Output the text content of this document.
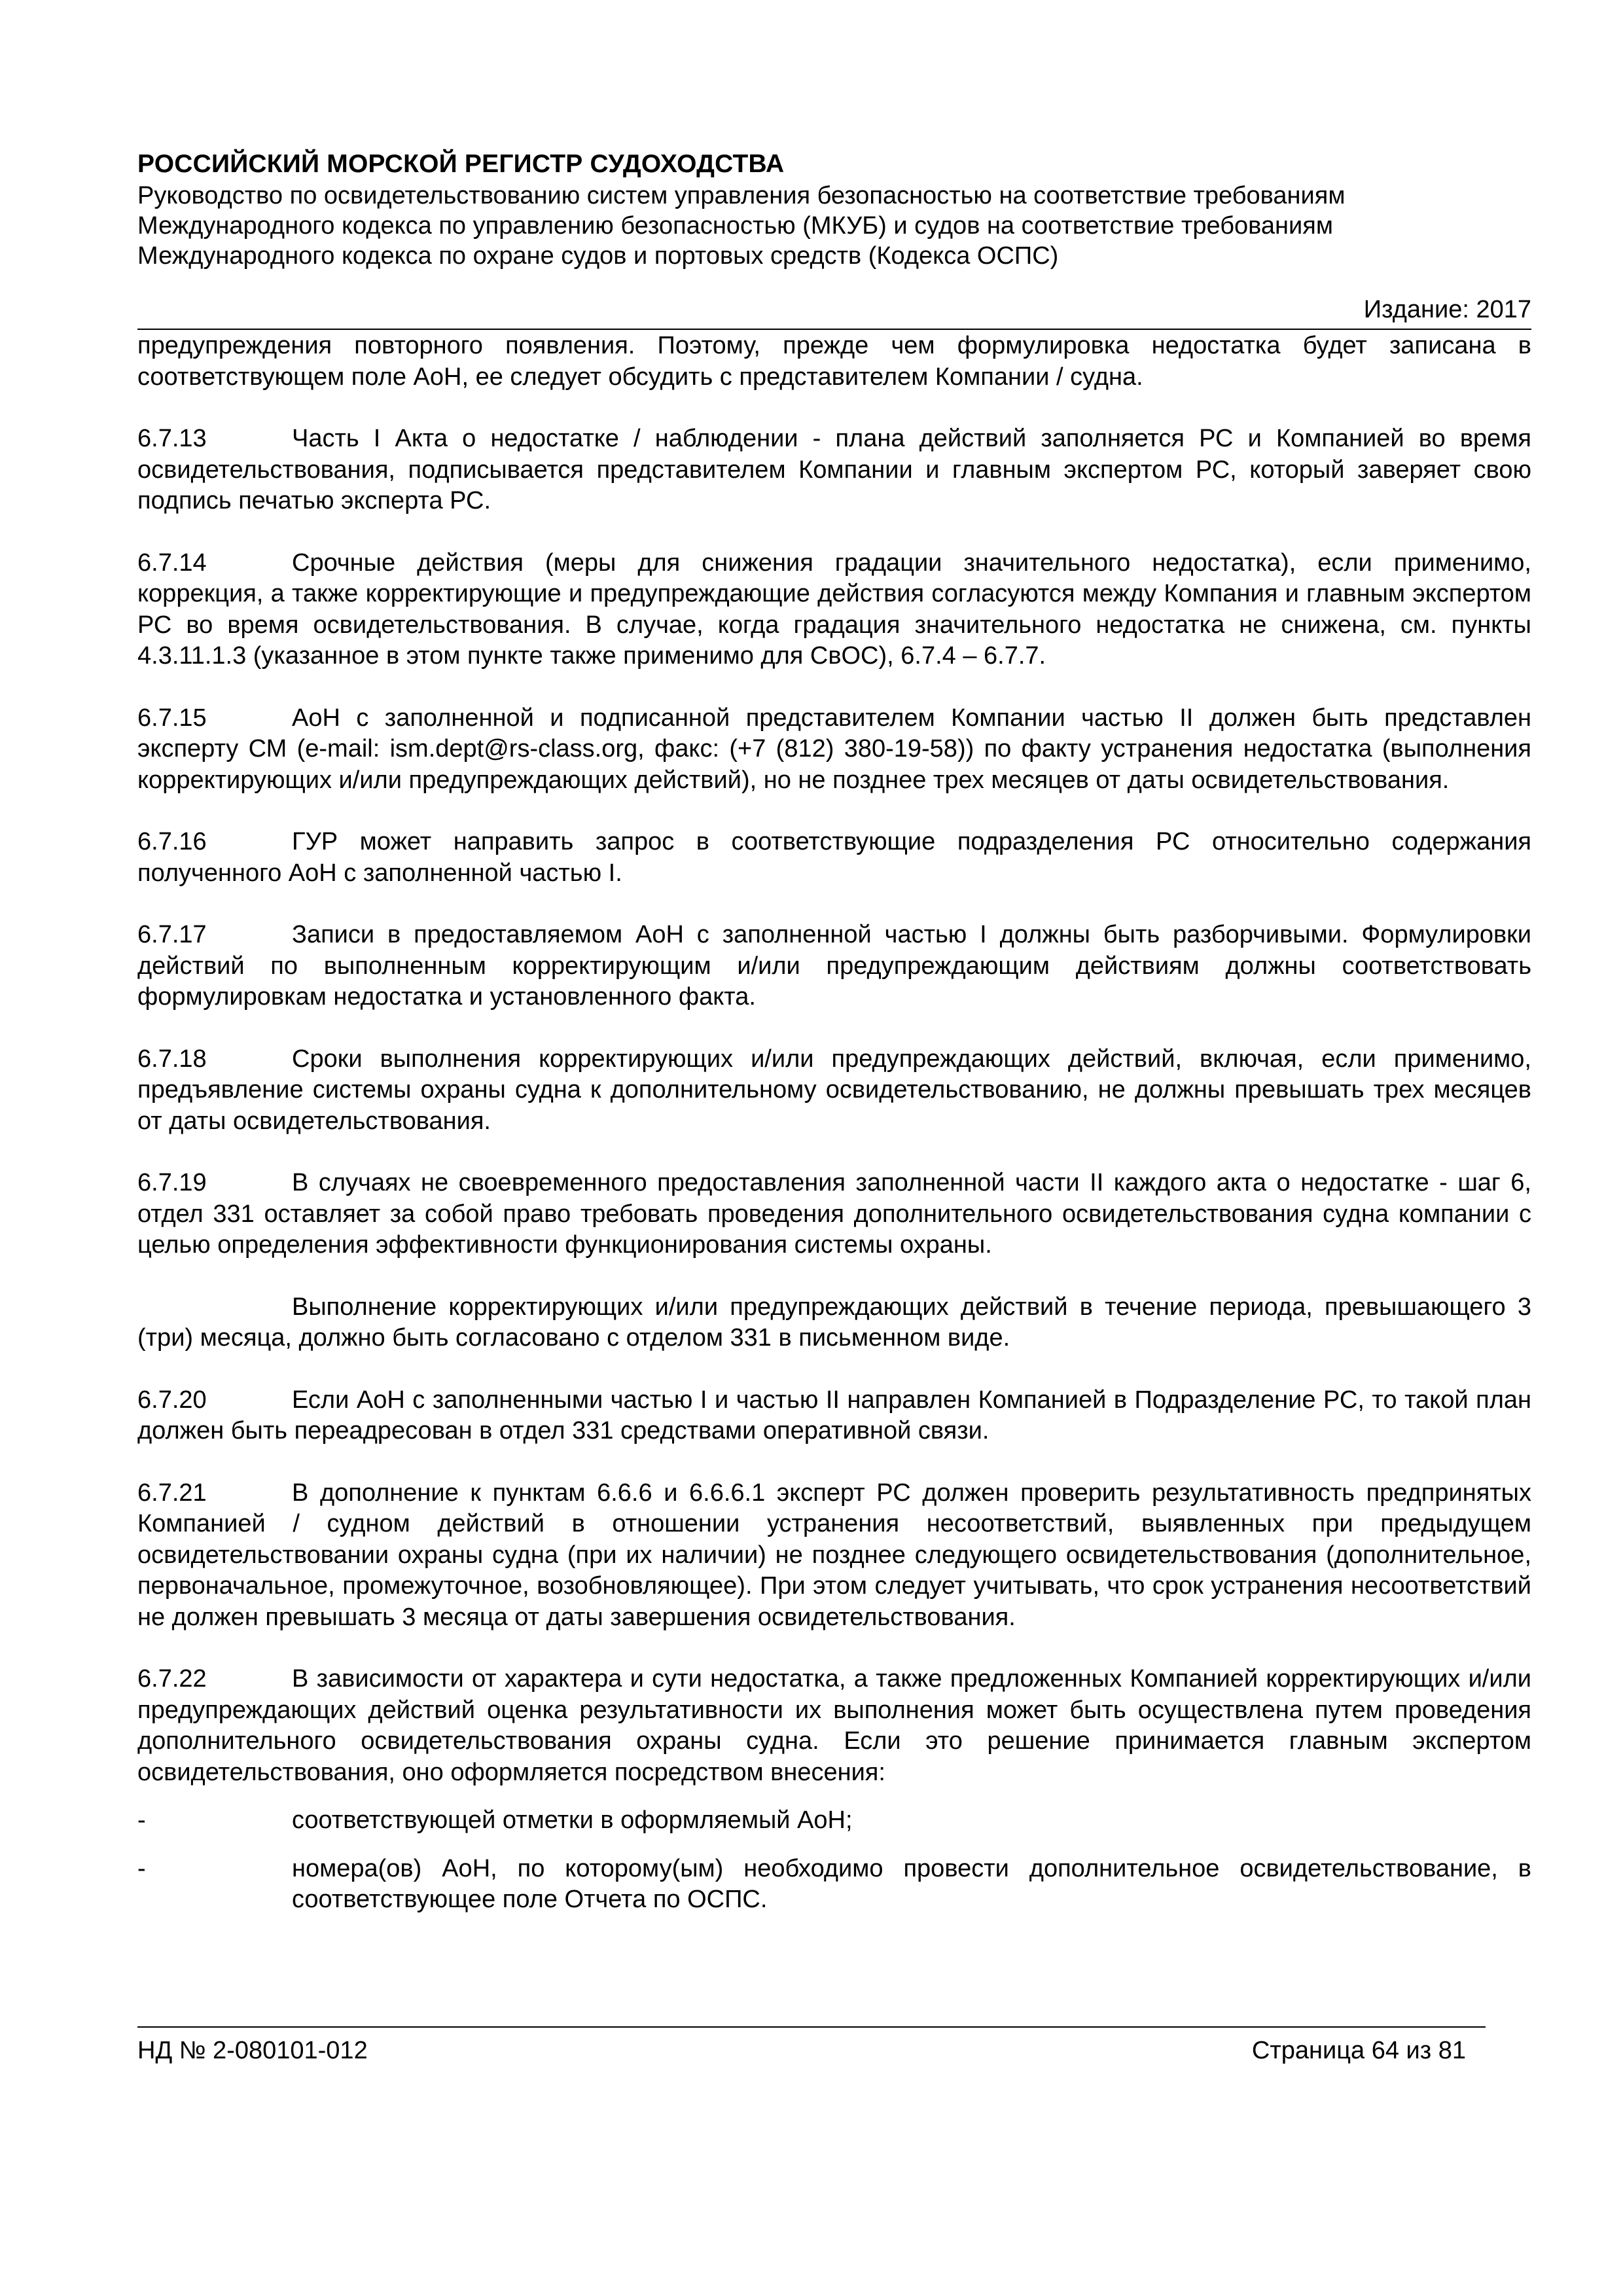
РОССИЙСКИЙ МОРСКОЙ РЕГИСТР СУДОХОДСТВА
Руководство по освидетельствованию систем управления безопасностью на соответствие требованиям
Международного кодекса по управлению безопасностью (МКУБ) и судов на соответствие требованиям
Международного кодекса по охране судов и портовых средств (Кодекса ОСПС)
Издание: 2017

предупреждения повторного появления. Поэтому, прежде чем формулировка недостатка будет записана в соответствующем поле АоН, ее следует обсудить с представителем Компании / судна.

6.7.13	Часть I Акта о недостатке / наблюдении - плана действий заполняется РС и Компанией во время освидетельствования, подписывается представителем Компании и главным экспертом РС, который заверяет свою подпись печатью эксперта РС.

6.7.14	Срочные действия (меры для снижения градации значительного недостатка), если применимо, коррекция, а также корректирующие и предупреждающие действия согласуются между Компания и главным экспертом РС во время освидетельствования. В случае, когда градация значительного недостатка не снижена, см. пункты 4.3.11.1.3 (указанное в этом пункте также применимо для СвОС), 6.7.4 – 6.7.7.

6.7.15	АоН с заполненной и подписанной представителем Компании частью II должен быть представлен эксперту СМ (e-mail: ism.dept@rs-class.org, факс: (+7 (812) 380-19-58)) по факту устранения недостатка (выполнения корректирующих и/или предупреждающих действий), но не позднее трех месяцев от даты освидетельствования.

6.7.16	ГУР может направить запрос в соответствующие подразделения РС относительно содержания полученного АоН с заполненной частью I.

6.7.17	Записи в предоставляемом АоН с заполненной частью I должны быть разборчивыми. Формулировки действий по выполненным корректирующим и/или предупреждающим действиям должны соответствовать формулировкам недостатка и установленного факта.

6.7.18	Сроки выполнения корректирующих и/или предупреждающих действий, включая, если применимо, предъявление системы охраны судна к дополнительному освидетельствованию, не должны превышать трех месяцев от даты освидетельствования.

6.7.19	В случаях не своевременного предоставления заполненной части II каждого акта о недостатке - шаг 6, отдел 331 оставляет за собой право требовать проведения дополнительного освидетельствования судна компании с целью определения эффективности функционирования системы охраны.

Выполнение корректирующих и/или предупреждающих действий в течение периода, превышающего 3 (три) месяца, должно быть согласовано с отделом 331 в письменном виде.

6.7.20	Если АоН с заполненными частью I и частью II направлен Компанией в Подразделение РС, то такой план должен быть переадресован в отдел 331 средствами оперативной связи.

6.7.21	В дополнение к пунктам 6.6.6 и 6.6.6.1 эксперт РС должен проверить результативность предпринятых Компанией / судном действий в отношении устранения несоответствий, выявленных при предыдущем освидетельствовании охраны судна (при их наличии) не позднее следующего освидетельствования (дополнительное, первоначальное, промежуточное, возобновляющее). При этом следует учитывать, что срок устранения несоответствий не должен превышать 3 месяца от даты завершения освидетельствования.

6.7.22	В зависимости от характера и сути недостатка, а также предложенных Компанией корректирующих и/или предупреждающих действий оценка результативности их выполнения может быть осуществлена путем проведения дополнительного освидетельствования охраны судна. Если это решение принимается главным экспертом освидетельствования, оно оформляется посредством внесения:

-	соответствующей отметки в оформляемый АоН;
-	номера(ов) АоН, по которому(ым) необходимо провести дополнительное освидетельствование, в соответствующее поле Отчета по ОСПС.
НД № 2-080101-012	Страница 64 из 81
